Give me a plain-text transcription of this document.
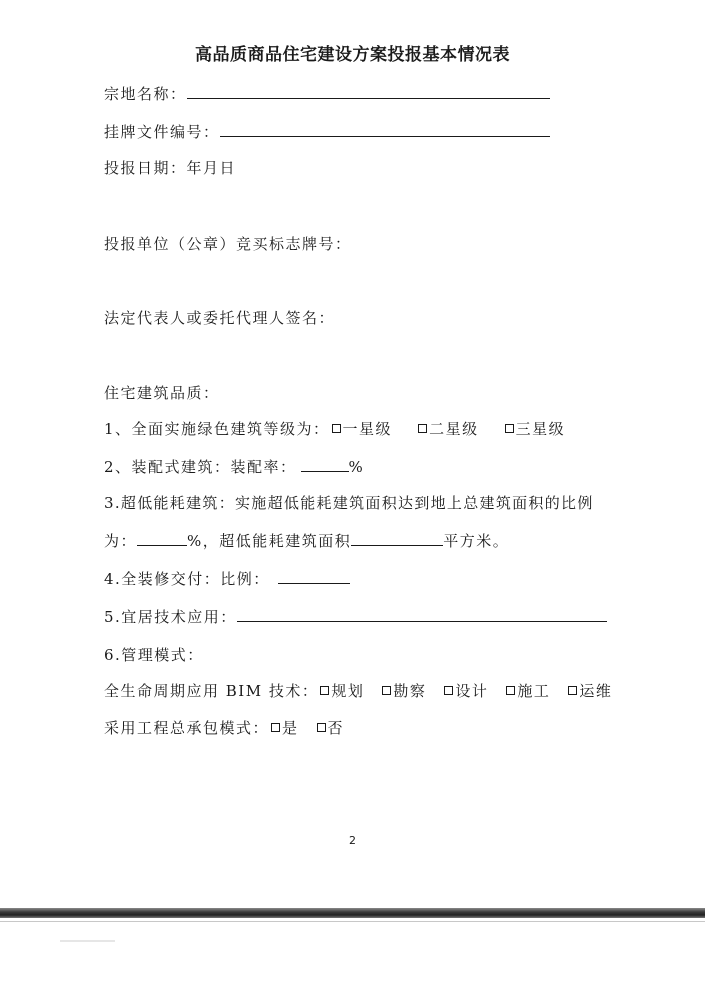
高品质商品住宅建设方案投报基本情况表
宗地名称：
挂牌文件编号：
投报日期：年月日
投报单位（公章）竞买标志牌号：
法定代表人或委托代理人签名：
住宅建筑品质：
1、全面实施绿色建筑等级为： 一星级 二星级 三星级
2、装配式建筑：装配率：	%
3.超低能耗建筑：实施超低能耗建筑面积达到地上总建筑面积的比例
为：	%，超低能耗建筑面积	平方米。
4.全装修交付：比例：
5.宜居技术应用：
6.管理模式：
全生命周期应用 BIM 技术： 规划 勘察 设计 施工 运维
采用工程总承包模式： 是 否
2
